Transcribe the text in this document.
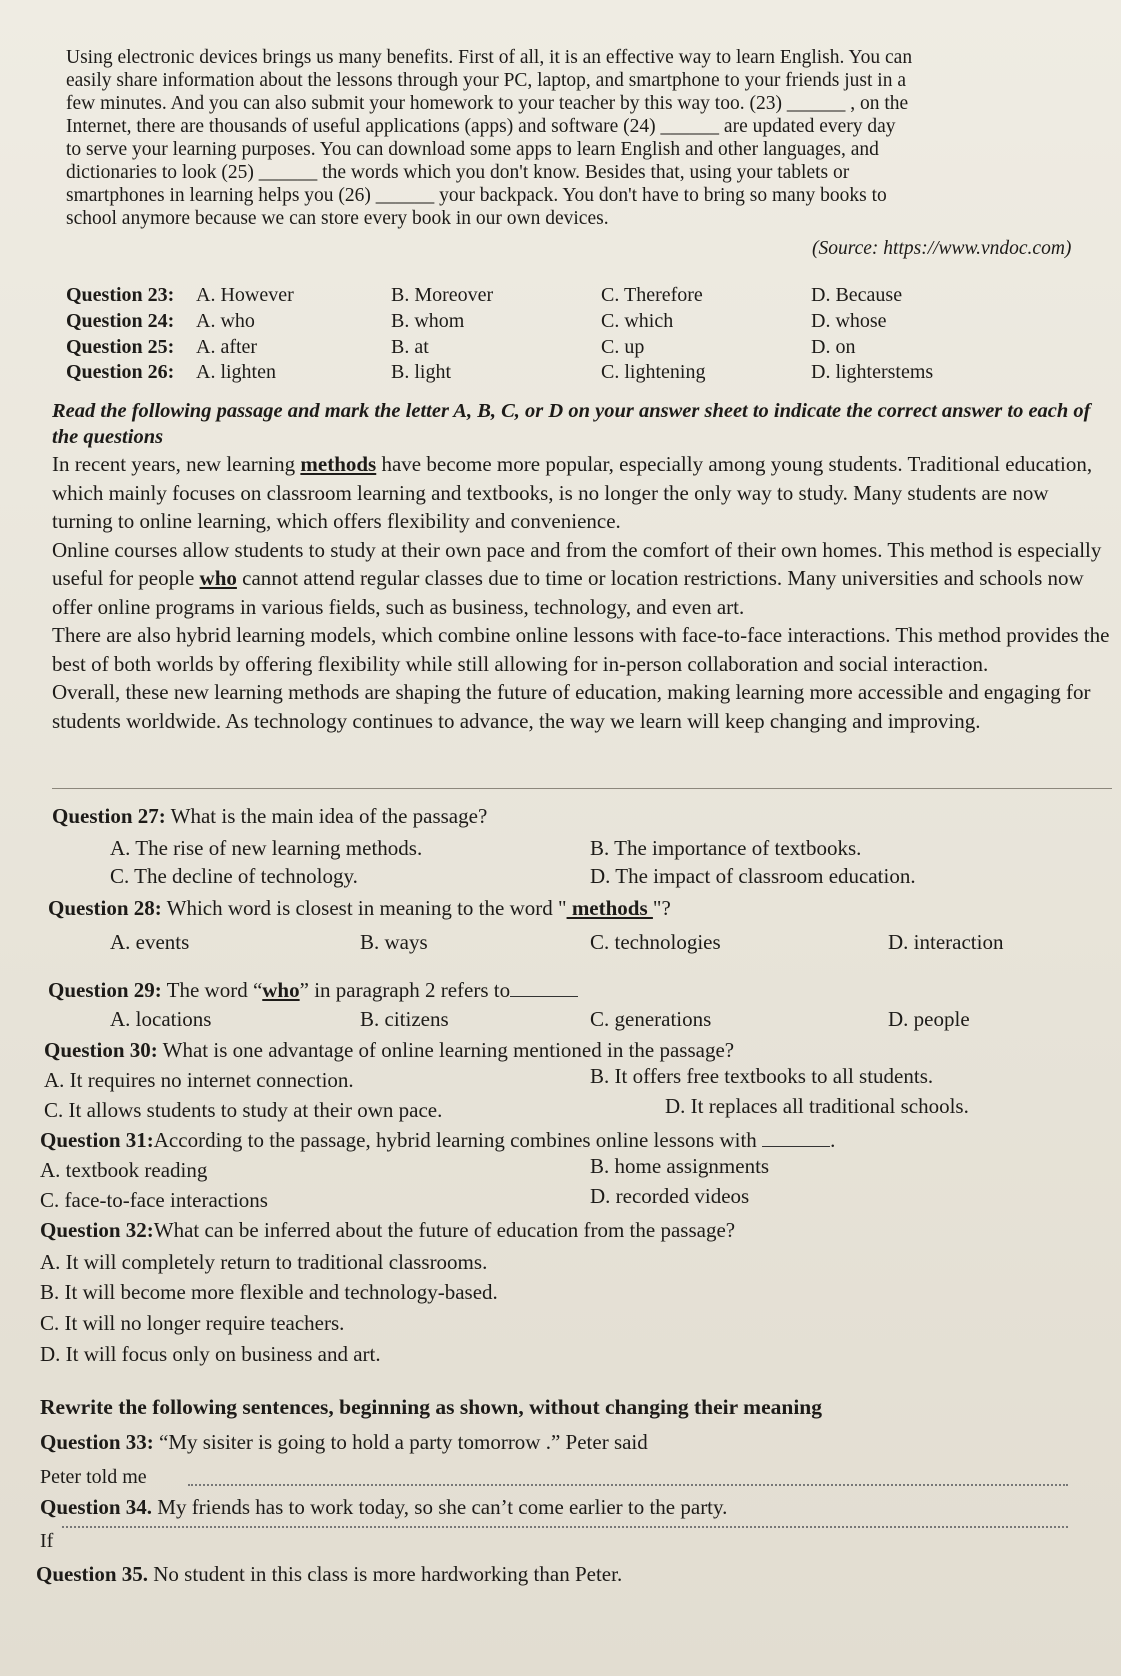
Using electronic devices brings us many benefits. First of all, it is an effective way to learn English. You can
easily share information about the lessons through your PC, laptop, and smartphone to your friends just in a
few minutes. And you can also submit your homework to your teacher by this way too. (23) ______ , on the
Internet, there are thousands of useful applications (apps) and software (24) ______ are updated every day
to serve your learning purposes. You can download some apps to learn English and other languages, and
dictionaries to look (25) ______ the words which you don't know. Besides that, using your tablets or
smartphones in learning helps you (26) ______ your backpack. You don't have to bring so many books to
school anymore because we can store every book in our own devices.
(Source: https://www.vndoc.com)
Question 23: A. However	B. Moreover	C. Therefore	D. Because
Question 24: A. who	B. whom	C. which	D. whose
Question 25: A. after	B. at	C. up	D. on
Question 26: A. lighten	B. light	C. lightening	D. lighterstems
Read the following passage and mark the letter A, B, C, or D on your answer sheet to indicate the correct answer to each of the questions
In recent years, new learning methods have become more popular, especially among young students. Traditional education, which mainly focuses on classroom learning and textbooks, is no longer the only way to study. Many students are now turning to online learning, which offers flexibility and convenience.
Online courses allow students to study at their own pace and from the comfort of their own homes. This method is especially useful for people who cannot attend regular classes due to time or location restrictions. Many universities and schools now offer online programs in various fields, such as business, technology, and even art.
There are also hybrid learning models, which combine online lessons with face-to-face interactions. This method provides the best of both worlds by offering flexibility while still allowing for in-person collaboration and social interaction.
Overall, these new learning methods are shaping the future of education, making learning more accessible and engaging for students worldwide. As technology continues to advance, the way we learn will keep changing and improving.
Question 27: What is the main idea of the passage?
A. The rise of new learning methods.	B. The importance of textbooks.
C. The decline of technology.	D. The impact of classroom education.
Question 28: Which word is closest in meaning to the word " methods "?
A. events	B. ways	C. technologies	D. interaction
Question 29: The word “who” in paragraph 2 refers to
A. locations	B. citizens	C. generations	D. people
Question 30: What is one advantage of online learning mentioned in the passage?
A. It requires no internet connection.	B. It offers free textbooks to all students.
C. It allows students to study at their own pace.	D. It replaces all traditional schools.
Question 31:According to the passage, hybrid learning combines online lessons with	.
A. textbook reading	B. home assignments
C. face-to-face interactions	D. recorded videos
Question 32:What can be inferred about the future of education from the passage?
A. It will completely return to traditional classrooms.
B. It will become more flexible and technology-based.
C. It will no longer require teachers.
D. It will focus only on business and art.
Rewrite the following sentences, beginning as shown, without changing their meaning
Question 33: “My sisiter is going to hold a party tomorrow .” Peter said
Peter told me
Question 34. My friends has to work today, so she can’t come earlier to the party.
If
Question 35. No student in this class is more hardworking than Peter.
